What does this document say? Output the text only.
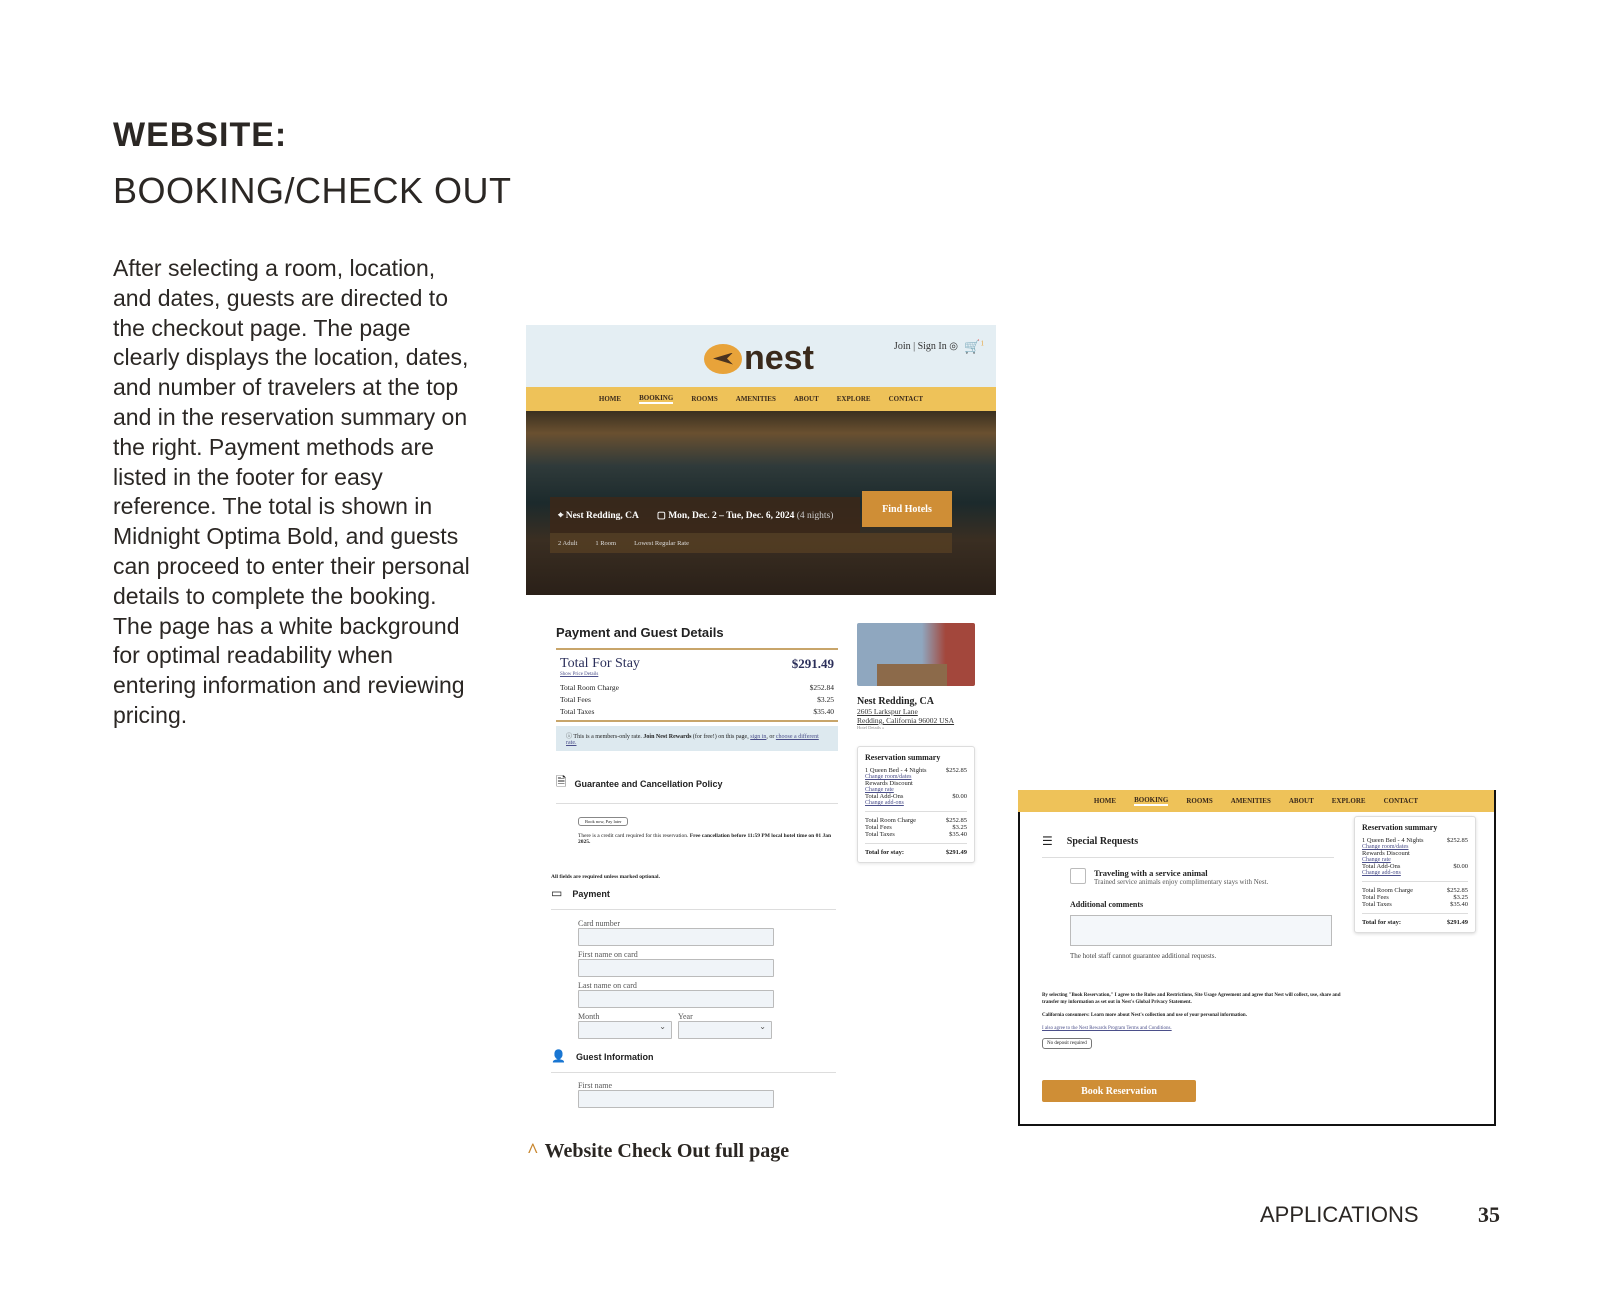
WEBSITE:
BOOKING/CHECK OUT
After selecting a room, location, and dates, guests are directed to the checkout page. The page clearly displays the location, dates, and number of travelers at the top and in the reservation summary on the right. Payment methods are listed in the footer for easy reference. The total is shown in Midnight Optima Bold, and guests can proceed to enter their personal details to complete the booking. The page has a white background for optimal readability when entering information and reviewing pricing.
nest	Join | Sign In ◎ 🛒$^1$
HOME	BOOKING	ROOMS	AMENITIES	ABOUT	EXPLORE	CONTACT
⌖ Nest Redding, CA ▢ Mon, Dec. 2 – Tue, Dec. 6, 2024 (4 nights)
Find Hotels
2 Adult	1 Room	Lowest Regular Rate
Payment and Guest Details
Total For Stay	$291.49
Show Price Details
Total Room Charge	$252.84
Total Fees	$3.25
Total Taxes	$35.40
ⓘ This is a members-only rate. Join Nest Rewards (for free!) on this page, sign in, or choose a different rate.
🗎 Guarantee and Cancellation Policy
Book now, Pay later
There is a credit card required for this reservation. Free cancellation before 11:59 PM local hotel time on 01 Jan 2025.
All fields are required unless marked optional.
▭ Payment
Card number
First name on card
Last name on card
Month
⌄
Year
⌄
👤 Guest Information
First name
Nest Redding, CA
2605 Larkspur Lane
Redding, California 96002 USA
Hotel Details »
Reservation summary
1 Queen Bed - 4 Nights	$252.85
Change room/dates
Rewards Discount
Change rate
Total Add-Ons	$0.00
Change add-ons
Total Room Charge	$252.85
Total Fees	$3.25
Total Taxes	$35.40
Total for stay:	$291.49
HOME	BOOKING	ROOMS	AMENITIES	ABOUT	EXPLORE	CONTACT
☰ Special Requests
Traveling with a service animal
Trained service animals enjoy complimentary stays with Nest.
Additional comments
The hotel staff cannot guarantee additional requests.
By selecting "Book Reservation," I agree to the Rules and Restrictions, Site Usage Agreement and agree that Nest will collect, use, share and transfer my information as set out in Nest's Global Privacy Statement.
California consumers: Learn more about Nest's collection and use of your personal information.
I also agree to the Nest Rewards Program Terms and Conditions.
No deposit required
Book Reservation
Reservation summary
1 Queen Bed - 4 Nights	$252.85
Change room/dates
Rewards Discount
Change rate
Total Add-Ons	$0.00
Change add-ons
Total Room Charge	$252.85
Total Fees	$3.25
Total Taxes	$35.40
Total for stay:	$291.49
^ Website Check Out full page
APPLICATIONS	35
